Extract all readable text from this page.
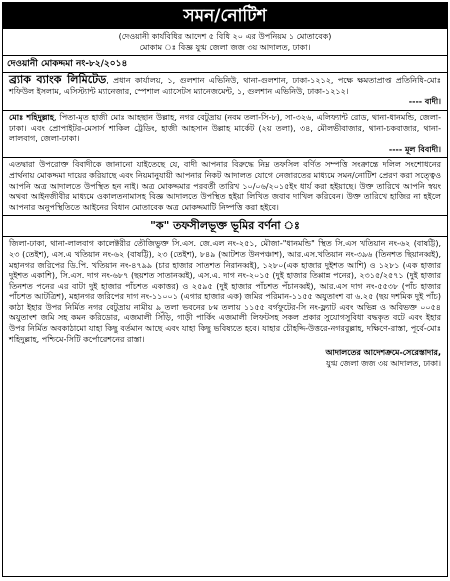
সমন/নোটিশ

(দেওয়ানী কার্যবিধির আদেশ ৫ বিধি ২০ এর উপনিয়ম ১ মোতাবেক)

মোকাম ঃ বিজ্ঞ যুগ্ম জেলা জজ ৩য় আদালত, ঢাকা।

দেওয়ানী মোকদ্দমা নং-৮২/২০১৪

ব্র্যাক ব্যাংক লিমিটেড, প্রধান কার্যালয়, ১, গুলশান এভিনিউ, থানা-গুলশান, ঢাকা-১২১২, পক্ষে ক্ষমতাপ্রাপ্ত প্রতিনিধি-মোঃ শফিউল ইসলাম, এসিস্ট্যান্ট ম্যানেজার, স্পেশাল এ্যাসেটস ম্যানেজমেন্ট, ১, গুলশান এভিনিউ, ঢাকা-১২১২।

---- বাদী।

মোঃ শহিদুল্লাহ, পিতা-মৃত হাজী মোঃ আহছান উল্লাহ, নগর বেটুদ্রায় (নবম তলা-সি-৮), সা-৩২৬, এলিফ্যান্ট রোড, থানা-ধানমন্ডি, জেলা-ঢাকা। এবং প্রোপাইটর-মেসার্স শাকিল ট্রেডিং, হাজী আহসান উল্লাহ মার্কেট (২য় তলা), ৩৪, মৌলভীবাজার, থানা-চকবাজার, থানা-লালবাগ, জেলা-ঢাকা।

---- মূল বিবাদী।

এতদ্বারা উপরোক্ত বিবাদীকে জানানো যাইতেছে যে, বাদী আপনার বিরুদ্ধে নিম্ন তফসিল বর্ণিত সম্পত্তি সংক্রান্তে দলিল সংশোধনের প্রার্থনায় মোকদ্দমা দায়ের করিয়াছে এবং নিয়মানুযায়ী আপনার নিকট আদালত যোগে নেজারতের মাধ্যমে সমন/নোটিশ প্রেরণ করা সত্ত্বেও আপনি অত্র আদালতে উপস্থিত হন নাই। অত্র মোকদ্দমার পরবর্তী তারিখ ১০/০৬/২০১৫ইং ধার্য করা হইয়াছে। উক্ত তারিখে আপনি স্বয়ং অথবা আইনজীবীর মাধ্যমে ওকালতনামাসহ বিজ্ঞ আদালতে উপস্থিত হইয়া লিখিত জবাব দাখিল করিবেন। উক্ত তারিখে হাজির না হইলে আপনার অনুপস্থিতিতে আইনের বিধান মোতাবেক অত্র মোকদ্দমাটি নিষ্পত্তি করা হইবে।

"ক" তফসীলভূক্ত ভূমির বর্ণনা ঃ

জিলা-ঢাকা, থানা-লালবাগ কালেক্টরীর তৌজিভুক্ত সি.এস. জে.এল নং-২৫১, মৌজা-"ধানমন্ডি" স্থিত সি.এস খতিয়ান নং-৬২ (বাষট্টি), ২৩ (তেইশ), এস.এ খতিয়ান নং-৬২ (বাষট্টি), ২৩ (তেইশ), ৮৪৯ (আটশত উনপঞ্চাশ), আর.এস.খতিয়ান নং-৩৯৬ (তিনশত ছিয়ানব্বই), মহানগর জরিপের ডি.পি. খতিয়ান নং-৪৭৯৯ (চার হাজার সাতশত নিরানব্বই), ১২৮০(এক হাজার দুইশত আশি) ও ১২৮১ (এক হাজার দুইশত একাশি), সি.এস. দাগ নং-৬৮৭ (ছয়শত সাতানব্বই), এস.এ. দাগ নং-২০১৫ (দুই হাজার তিপ্পান্ন পনের), ২৩১৫/২৫৭১ (দুই হাজার তিনশত পনের এর বাটা দুই হাজার পাঁচশত একাত্তর) ও ২৫৯৫ (দুই হাজার পাঁচশত পঁচানব্বই), আর.এস দাগ নং-৫৫৩৮ (পাঁচ হাজার পাঁচশত আটত্রিশ), মহানগর জরিপের দাগ নং-১১০০১ (এগার হাজার এক) জমির পরিমান-১১৫৫ অযুতাংশ বা ৬.২৫ (ছয় দশমিক দুই পাঁচ) কাঠা ইহার উপর নির্মিত নগর বেটুদ্রায় নামীয় ৯ তলা ভবনের ৮ম তলায় ১১৫৫ বর্গফুটের-সি নং-ফ্ল্যাট এবং অভিন্ন ও অবিভক্ত ০০৫৪ অযুতাংশ জমি সহ কমন করিডোর, এজমালী সিঁড়ি, গাড়ী পার্কিং এজমালী লিফটসহ সকল প্রকার সুযোগসুবিধা বদ্ধকৃত বটে এবং ইহার উপর নির্মিত অবকাঠামো যাহা কিছু বর্তমান আছে এবং যাহা কিছু ভবিষ্যতে হবে। যাহার চৌহদ্দি-উত্তরে-নগরবুল্লাহ, দক্ষিণে-রাস্তা, পূর্বে-মোঃ শহিদুল্লাহ, পশ্চিমে-সিটি কর্পোরেশনের রাস্তা।

আদালতের আদেশক্রমে-সেরেস্তাদার,
যুগ্ম জেলা জজ ৩য় আদালত, ঢাকা।
